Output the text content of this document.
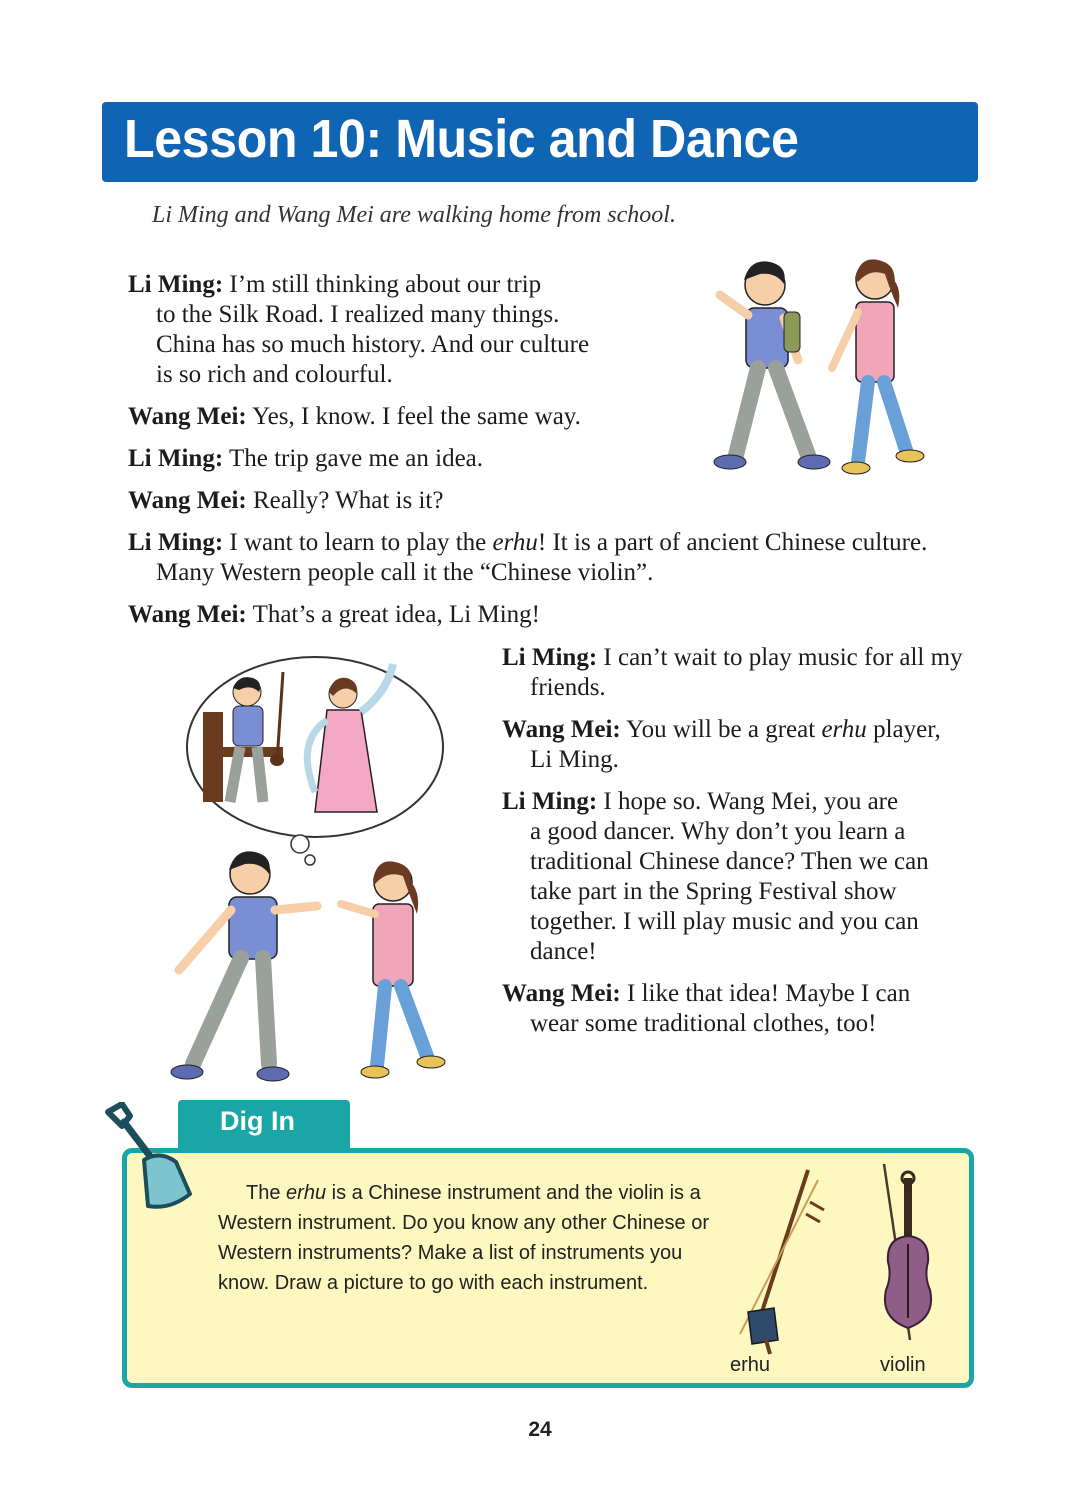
Lesson 10: Music and Dance
Li Ming and Wang Mei are walking home from school.
Li Ming: I’m still thinking about our trip
to the Silk Road. I realized many things.
China has so much history. And our culture
is so rich and colourful.
Wang Mei: Yes, I know. I feel the same way.
Li Ming: The trip gave me an idea.
Wang Mei: Really? What is it?
Li Ming: I want to learn to play the erhu! It is a part of ancient Chinese culture.
Many Western people call it the “Chinese violin”.
Wang Mei: That’s a great idea, Li Ming!
Li Ming: I can’t wait to play music for all my
friends.
Wang Mei: You will be a great erhu player,
Li Ming.
Li Ming: I hope so. Wang Mei, you are
a good dancer. Why don’t you learn a
traditional Chinese dance? Then we can
take part in the Spring Festival show
together. I will play music and you can
dance!
Wang Mei: I like that idea! Maybe I can
wear some traditional clothes, too!
Dig In

The erhu is a Chinese instrument and the violin is a Western instrument. Do you know any other Chinese or Western instruments? Make a list of instruments you know. Draw a picture to go with each instrument.

erhu	violin
24
